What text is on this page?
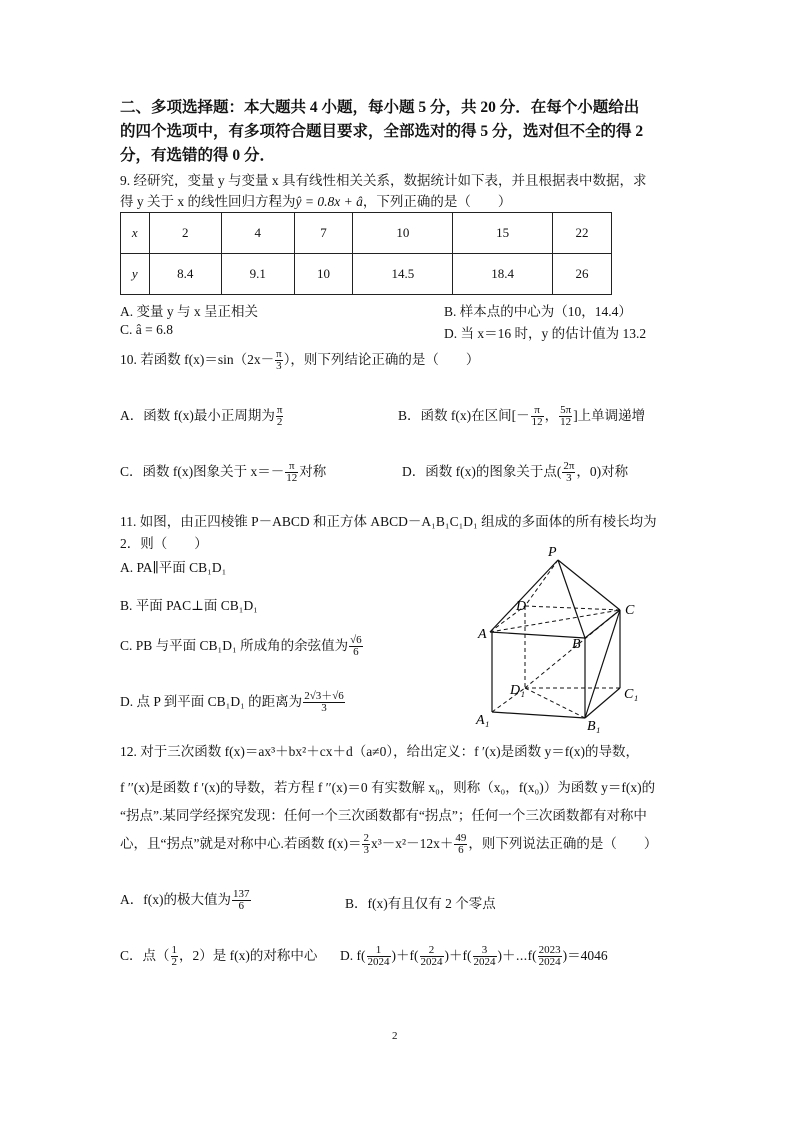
二、多项选择题：本大题共 4 小题，每小题 5 分，共 20 分．在每个小题给出
的四个选项中，有多项符合题目要求，全部选对的得 5 分，选对但不全的得 2
分，有选错的得 0 分．
9. 经研究，变量 y 与变量 x 具有线性相关关系，数据统计如下表，并且根据表中数据，求
得 y 关于 x 的线性回归方程为ŷ = 0.8x + â，下列正确的是（　　）
x	2	4	7	10	15	22
y	8.4	9.1	10	14.5	18.4	26
A. 变量 y 与 x 呈正相关	B. 样本点的中心为（10，14.4）
C. â = 6.8	D. 当 x＝16 时，y 的估计值为 13.2
10. 若函数 $f(x)=\sin(2x- \frac{\pi}{3}$ ），则下列结论正确的是（　　）
A．函数 f(x)最小正周期为 $\frac{\pi}{2}$	B．函数 f(x)在区间[－ $\frac{\pi}{12}$ ， $\frac{5\pi}{12}$ ]上单调递增
C．函数 f(x)图象关于 $x=- \frac{\pi}{12}$ 对称	D．函数 f(x)的图象关于点( $\frac{2\pi}{3}$ ，0)对称
11. 如图，由正四棱锥 P－ABCD 和正方体 ABCD－A₁B₁C₁D₁ 组成的多面体的所有棱长均为
2．则（　　）
A. PA∥平面 CB₁D₁
B. 平面 PAC⊥面 CB₁D₁
C. PB 与平面 CB₁D₁ 所成角的余弦值为 $\frac{√6}{6}$
D. 点 P 到平面 CB₁D₁ 的距离为 $\frac{2√3+√6}{3}$
P
D	C
A
B
D₁	C₁
A₁	B₁
12. 对于三次函数 f(x)＝ax³＋bx²＋cx＋d（a≠0），给出定义：f ′(x)是函数 y＝f(x)的导数，
f ′′(x)是函数 f ′(x)的导数，若方程 f ′′(x)＝0 有实数解 x₀，则称（x₀，f(x₀)）为函数 y＝f(x)的
“拐点”.某同学经探究发现：任何一个三次函数都有“拐点”；任何一个三次函数都有对称中
心，且“拐点”就是对称中心.若函数 $f(x)= \frac{2}{3} x^3-x^2-12x+ \frac{49}{6}$ ，则下列说法正确的是（　　）
A．f(x)的极大值为 $\frac{137}{6}$	B．f(x)有且仅有 2 个零点
C．点（ $\frac{1}{2}$ ，2）是 f(x)的对称中心 D. $f( \frac{1}{2024} )+f( \frac{2}{2024} )+f( \frac{3}{2024}$ )＋⋯f( $\frac{2023}{2024} )=4046$
2
